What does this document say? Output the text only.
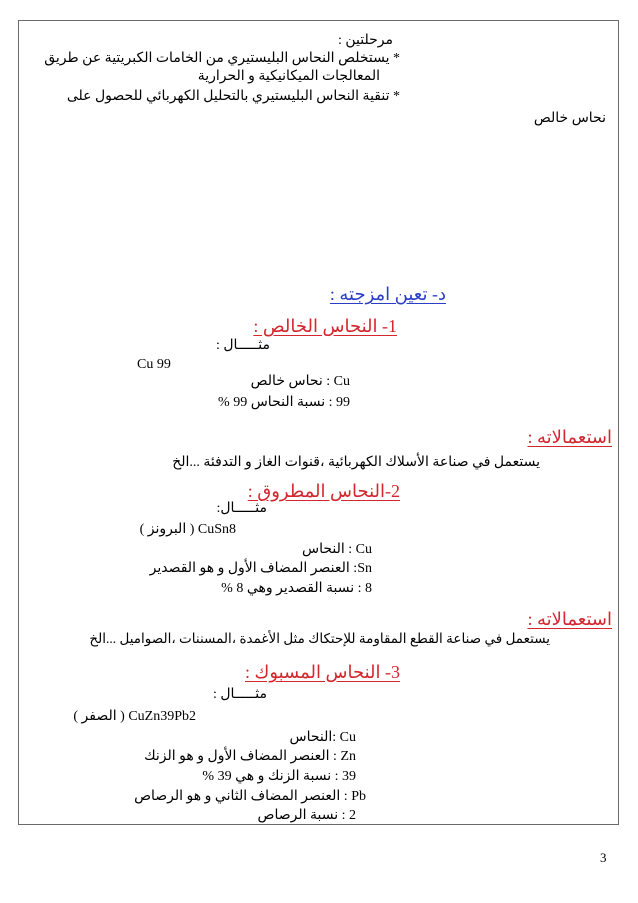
مرحلتين :
* يستخلص النحاس البليستيري من الخامات الكبريتية عن طريق
المعالجات الميكانيكية و الحرارية
* تنقية النحاس البليستيري بالتحليل الكهربائي للحصول على
نحاس خالص
د- تعين امزجته :
1- النحاس الخالص :
مثـــــال :
Cu 99
Cu : نحاس خالص
99 : نسبة النحاس 99 %
استعمالاته :
يستعمل في صناعة الأسلاك الكهربائية ،قنوات الغاز و التدفئة ...الخ
2-النحاس المطروق :
مثـــــال:
CuSn8 ( البرونز )
Cu : النحاس
Sn: العنصر المضاف الأول و هو القصدير
8 : نسبة القصدير وهي 8 %
استعمالاته :
يستعمل في صناعة القطع المقاومة للإحتكاك مثل الأغمدة ،المسننات ،الصواميل ...الخ
3- النحاس المسبوك :
مثـــــال :
CuZn39Pb2 ( الصفر )
Cu :النحاس
Zn : العنصر المضاف الأول و هو الزنك
39 : نسبة الزنك و هي 39 %
Pb : العنصر المضاف الثاني و هو الرصاص
2 : نسبة الرصاص
3
